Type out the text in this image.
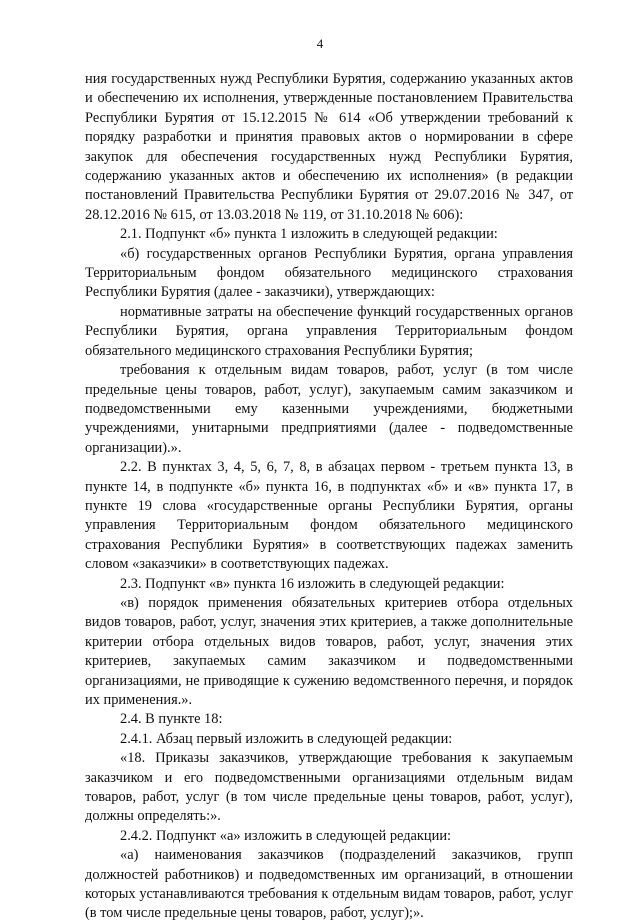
4

ния государственных нужд Республики Бурятия, содержанию указанных актов и обеспечению их исполнения, утвержденные постановлением Правительства Республики Бурятия от 15.12.2015 № 614 «Об утверждении требований к порядку разработки и принятия правовых актов о нормировании в сфере закупок для обеспечения государственных нужд Республики Бурятия, содержанию указанных актов и обеспечению их исполнения» (в редакции постановлений Правительства Республики Бурятия от 29.07.2016 № 347, от 28.12.2016 № 615, от 13.03.2018 № 119, от 31.10.2018 № 606):

2.1. Подпункт «б» пункта 1 изложить в следующей редакции:

«б) государственных органов Республики Бурятия, органа управления Территориальным фондом обязательного медицинского страхования Республики Бурятия (далее - заказчики), утверждающих:

нормативные затраты на обеспечение функций государственных органов Республики Бурятия, органа управления Территориальным фондом обязательного медицинского страхования Республики Бурятия;

требования к отдельным видам товаров, работ, услуг (в том числе предельные цены товаров, работ, услуг), закупаемым самим заказчиком и подведомственными ему казенными учреждениями, бюджетными учреждениями, унитарными предприятиями (далее - подведомственные организации).».

2.2. В пунктах 3, 4, 5, 6, 7, 8, в абзацах первом - третьем пункта 13, в пункте 14, в подпункте «б» пункта 16, в подпунктах «б» и «в» пункта 17, в пункте 19 слова «государственные органы Республики Бурятия, органы управления Территориальным фондом обязательного медицинского страхования Республики Бурятия» в соответствующих падежах заменить словом «заказчики» в соответствующих падежах.

2.3. Подпункт «в» пункта 16 изложить в следующей редакции:

«в) порядок применения обязательных критериев отбора отдельных видов товаров, работ, услуг, значения этих критериев, а также дополнительные критерии отбора отдельных видов товаров, работ, услуг, значения этих критериев, закупаемых самим заказчиком и подведомственными организациями, не приводящие к сужению ведомственного перечня, и порядок их применения.».

2.4. В пункте 18:

2.4.1. Абзац первый изложить в следующей редакции:

«18. Приказы заказчиков, утверждающие требования к закупаемым заказчиком и его подведомственными организациями отдельным видам товаров, работ, услуг (в том числе предельные цены товаров, работ, услуг), должны определять:».

2.4.2. Подпункт «а» изложить в следующей редакции:

«а) наименования заказчиков (подразделений заказчиков, групп должностей работников) и подведомственных им организаций, в отношении которых устанавливаются требования к отдельным видам товаров, работ, услуг (в том числе предельные цены товаров, работ, услуг);».
